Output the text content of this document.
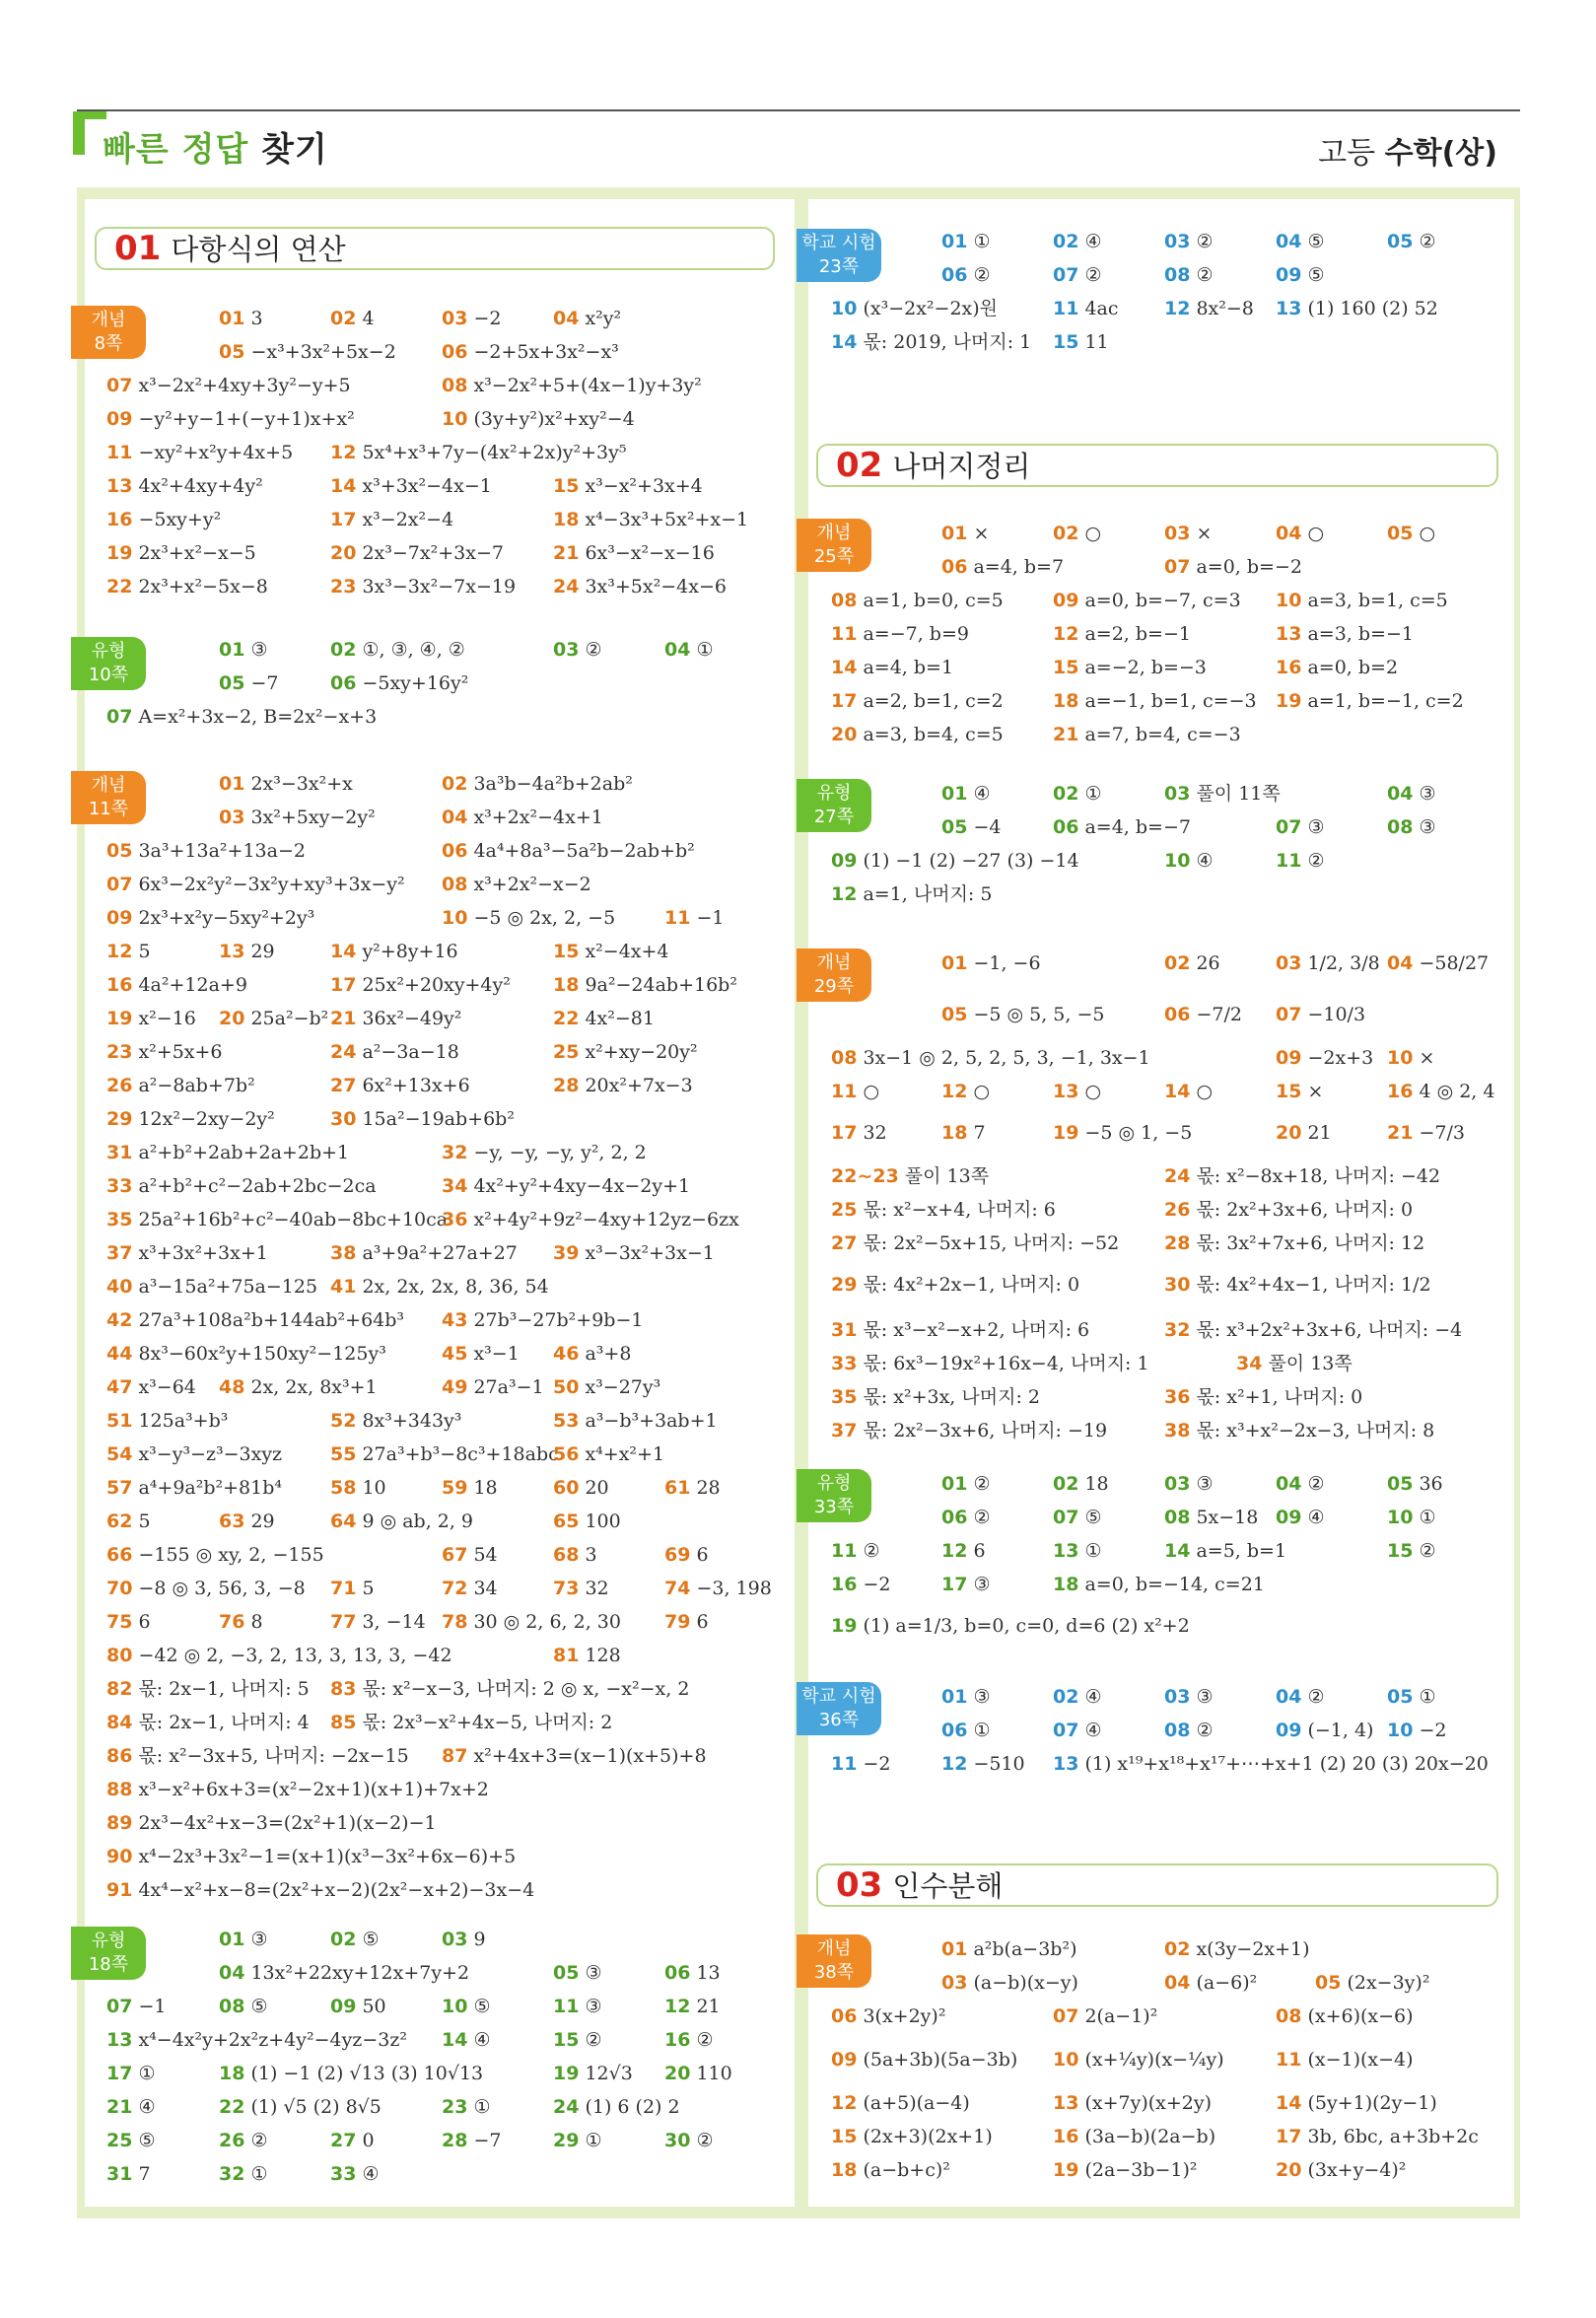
빠른 정답 찾기	고등 수학(상)
01 다항식의 연산
02 나머지정리
03 인수분해
개념
8쪽
유형
10쪽
개념
11쪽
유형
18쪽
학교 시험
23쪽
개념
25쪽
유형
27쪽
개념
29쪽
유형
33쪽
학교 시험
36쪽
개념
38쪽
01 3	02 4	03 −2	04 x²y²
05 −x³+3x²+5x−2 06 −2+5x+3x²−x³
07 x³−2x²+4xy+3y²−y+5	08 x³−2x²+5+(4x−1)y+3y²
09 −y²+y−1+(−y+1)x+x²	10 (3y+y²)x²+xy²−4
11 −xy²+x²y+4x+5 12 5x⁴+x³+7y−(4x²+2x)y²+3y⁵
13 4x²+4xy+4y²	14 x³+3x²−4x−1	15 x³−x²+3x+4
16 −5xy+y²	17 x³−2x²−4	18 x⁴−3x³+5x²+x−1
19 2x³+x²−x−5	20 2x³−7x²+3x−7	21 6x³−x²−x−16
22 2x³+x²−5x−8	23 3x³−3x²−7x−19 24 3x³+5x²−4x−6
01 ③	02 ①, ③, ④, ②	03 ②	04 ①
05 −7	06 −5xy+16y²
07 A=x²+3x−2, B=2x²−x+3
01 2x³−3x²+x	02 3a³b−4a²b+2ab²
03 3x²+5xy−2y²	04 x³+2x²−4x+1
05 3a³+13a²+13a−2	06 4a⁴+8a³−5a²b−2ab+b²
07 6x³−2x²y²−3x²y+xy³+3x−y² 08 x³+2x²−x−2
09 2x³+x²y−5xy²+2y³	10 −5 ◎ 2x, 2, −5	11 −1
12 5	13 29	14 y²+8y+16	15 x²−4x+4
16 4a²+12a+9	17 25x²+20xy+4y² 18 9a²−24ab+16b²
19 x²−16 20 25a²−b² 21 36x²−49y²	22 4x²−81
23 x²+5x+6	24 a²−3a−18	25 x²+xy−20y²
26 a²−8ab+7b²	27 6x²+13x+6	28 20x²+7x−3
29 12x²−2xy−2y²	30 15a²−19ab+6b²
31 a²+b²+2ab+2a+2b+1	32 −y, −y, −y, y², 2, 2
33 a²+b²+c²−2ab+2bc−2ca	34 4x²+y²+4xy−4x−2y+1
35 25a²+16b²+c²−40ab−8bc+10ca
36 x²+4y²+9z²−4xy+12yz−6zx
37 x³+3x²+3x+1	38 a³+9a²+27a+27 39 x³−3x²+3x−1
40 a³−15a²+75a−125 41 2x, 2x, 2x, 8, 36, 54
42 27a³+108a²b+144ab²+64b³ 43 27b³−27b²+9b−1
44 8x³−60x²y+150xy²−125y³	45 x³−1 46 a³+8
47 x³−64 48 2x, 2x, 8x³+1	49 27a³−1 50 x³−27y³
51 125a³+b³	52 8x³+343y³	53 a³−b³+3ab+1
54 x³−y³−z³−3xyz	55 27a³+b³−8c³+18abc
56 x⁴+x²+1
57 a⁴+9a²b²+81b⁴	58 10	59 18	60 20	61 28
62 5	63 29	64 9 ◎ ab, 2, 9	65 100
66 −155 ◎ xy, 2, −155	67 54	68 3	69 6
70 −8 ◎ 3, 56, 3, −8 71 5	72 34	73 32	74 −3, 198
75 6	76 8	77 3, −14 78 30 ◎ 2, 6, 2, 30 79 6
80 −42 ◎ 2, −3, 2, 13, 3, 13, 3, −42	81 128
82 몫: 2x−1, 나머지: 5 83 몫: x²−x−3, 나머지: 2 ◎ x, −x²−x, 2
84 몫: 2x−1, 나머지: 4 85 몫: 2x³−x²+4x−5, 나머지: 2
86 몫: x²−3x+5, 나머지: −2x−15 87 x²+4x+3=(x−1)(x+5)+8
88 x³−x²+6x+3=(x²−2x+1)(x+1)+7x+2
89 2x³−4x²+x−3=(2x²+1)(x−2)−1
90 x⁴−2x³+3x²−1=(x+1)(x³−3x²+6x−6)+5
91 4x⁴−x²+x−8=(2x²+x−2)(2x²−x+2)−3x−4
01 ③	02 ⑤	03 9
04 13x²+22xy+12x+7y+2	05 ③	06 13
07 −1	08 ⑤	09 50	10 ⑤	11 ③	12 21
13 x⁴−4x²y+2x²z+4y²−4yz−3z² 14 ④	15 ②	16 ②
17 ①	18 (1) −1 (2) √13 (3) 10√13	19 12√3 20 110
21 ④	22 (1) √5 (2) 8√5	23 ①	24 (1) 6 (2) 2
25 ⑤	26 ②	27 0	28 −7	29 ①	30 ②
31 7	32 ①	33 ④
01 ①	02 ④	03 ②	04 ⑤	05 ②
06 ②	07 ②	08 ②	09 ⑤
10 (x³−2x²−2x)원	11 4ac 12 8x²−8 13 (1) 160 (2) 52
14 몫: 2019, 나머지: 1 15 11
01 ×	02 ○	03 ×	04 ○	05 ○
06 a=4, b=7	07 a=0, b=−2
08 a=1, b=0, c=5	09 a=0, b=−7, c=3 10 a=3, b=1, c=5
11 a=−7, b=9	12 a=2, b=−1	13 a=3, b=−1
14 a=4, b=1	15 a=−2, b=−3	16 a=0, b=2
17 a=2, b=1, c=2	18 a=−1, b=1, c=−3 19 a=1, b=−1, c=2
20 a=3, b=4, c=5	21 a=7, b=4, c=−3
01 ④	02 ①	03 풀이 11쪽	04 ③
05 −4	06 a=4, b=−7	07 ③	08 ③
09 (1) −1 (2) −27 (3) −14	10 ④	11 ②
12 a=1, 나머지: 5
01 −1, −6	02 26	03 1/2, 3/8 04 −58/27
05 −5 ◎ 5, 5, −5	06 −7/2 07 −10/3
08 3x−1 ◎ 2, 5, 2, 5, 3, −1, 3x−1	09 −2x+3 10 ×
11 ○	12 ○	13 ○	14 ○	15 ×	16 4 ◎ 2, 4
17 32	18 7	19 −5 ◎ 1, −5	20 21	21 −7/3
22~23 풀이 13쪽	24 몫: x²−8x+18, 나머지: −42
25 몫: x²−x+4, 나머지: 6	26 몫: 2x²+3x+6, 나머지: 0
27 몫: 2x²−5x+15, 나머지: −52 28 몫: 3x²+7x+6, 나머지: 12
29 몫: 4x²+2x−1, 나머지: 0	30 몫: 4x²+4x−1, 나머지: 1/2
31 몫: x³−x²−x+2, 나머지: 6	32 몫: x³+2x²+3x+6, 나머지: −4
33 몫: 6x³−19x²+16x−4, 나머지: 1	34 풀이 13쪽
35 몫: x²+3x, 나머지: 2	36 몫: x²+1, 나머지: 0
37 몫: 2x²−3x+6, 나머지: −19	38 몫: x³+x²−2x−3, 나머지: 8
01 ②	02 18	03 ③	04 ②	05 36
06 ②	07 ⑤	08 5x−18 09 ④	10 ①
11 ②	12 6	13 ①	14 a=5, b=1	15 ②
16 −2	17 ③	18 a=0, b=−14, c=21
19 (1) a=1/3, b=0, c=0, d=6 (2) x²+2
01 ③	02 ④	03 ③	04 ②	05 ①
06 ①	07 ④	08 ②	09 (−1, 4) 10 −2
11 −2	12 −510 13 (1) x¹⁹+x¹⁸+x¹⁷+⋯+x+1 (2) 20 (3) 20x−20
01 a²b(a−3b²)	02 x(3y−2x+1)
03 (a−b)(x−y)	04 (a−6)²	05 (2x−3y)²
06 3(x+2y)²	07 2(a−1)²	08 (x+6)(x−6)
09 (5a+3b)(5a−3b) 10 (x+¼y)(x−¼y)	11 (x−1)(x−4)
12 (a+5)(a−4)	13 (x+7y)(x+2y)	14 (5y+1)(2y−1)
15 (2x+3)(2x+1)	16 (3a−b)(2a−b)	17 3b, 6bc, a+3b+2c
18 (a−b+c)²	19 (2a−3b−1)²	20 (3x+y−4)²
